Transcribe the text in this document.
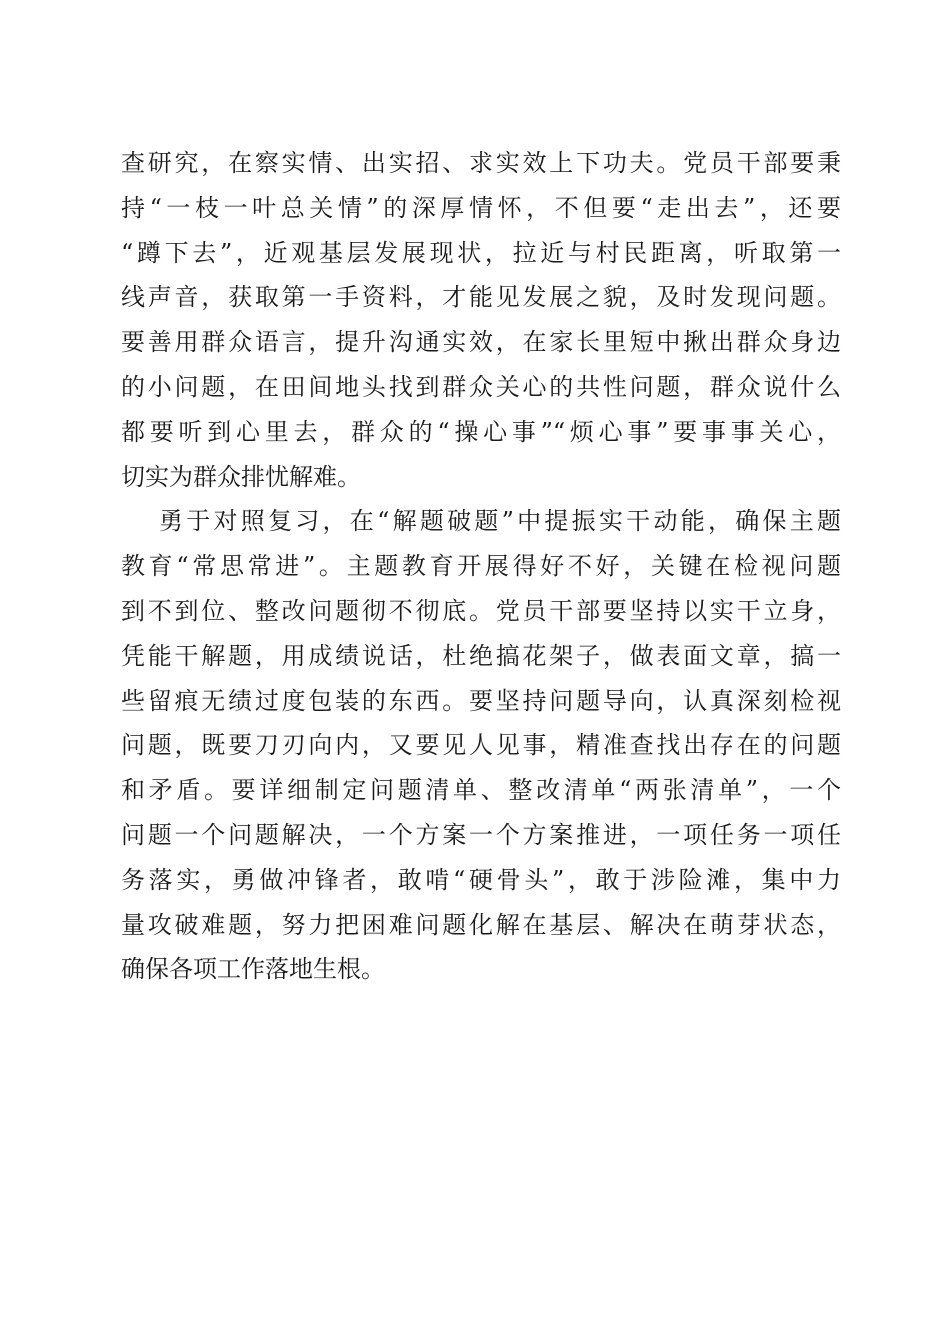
查研究，在察实情、出实招、求实效上下功夫。党员干部要秉
持“一枝一叶总关情”的深厚情怀，不但要“走出去”，还要
“蹲下去”，近观基层发展现状，拉近与村民距离，听取第一
线声音，获取第一手资料，才能见发展之貌，及时发现问题。
要善用群众语言，提升沟通实效，在家长里短中揪出群众身边
的小问题，在田间地头找到群众关心的共性问题，群众说什么
都要听到心里去，群众的“操心事”“烦心事”要事事关心，
切实为群众排忧解难。
勇于对照复习，在“解题破题”中提振实干动能，确保主题
教育“常思常进”。主题教育开展得好不好，关键在检视问题
到不到位、整改问题彻不彻底。党员干部要坚持以实干立身，
凭能干解题，用成绩说话，杜绝搞花架子，做表面文章，搞一
些留痕无绩过度包装的东西。要坚持问题导向，认真深刻检视
问题，既要刀刃向内，又要见人见事，精准查找出存在的问题
和矛盾。要详细制定问题清单、整改清单“两张清单”，一个
问题一个问题解决，一个方案一个方案推进，一项任务一项任
务落实，勇做冲锋者，敢啃“硬骨头”，敢于涉险滩，集中力
量攻破难题，努力把困难问题化解在基层、解决在萌芽状态，
确保各项工作落地生根。
